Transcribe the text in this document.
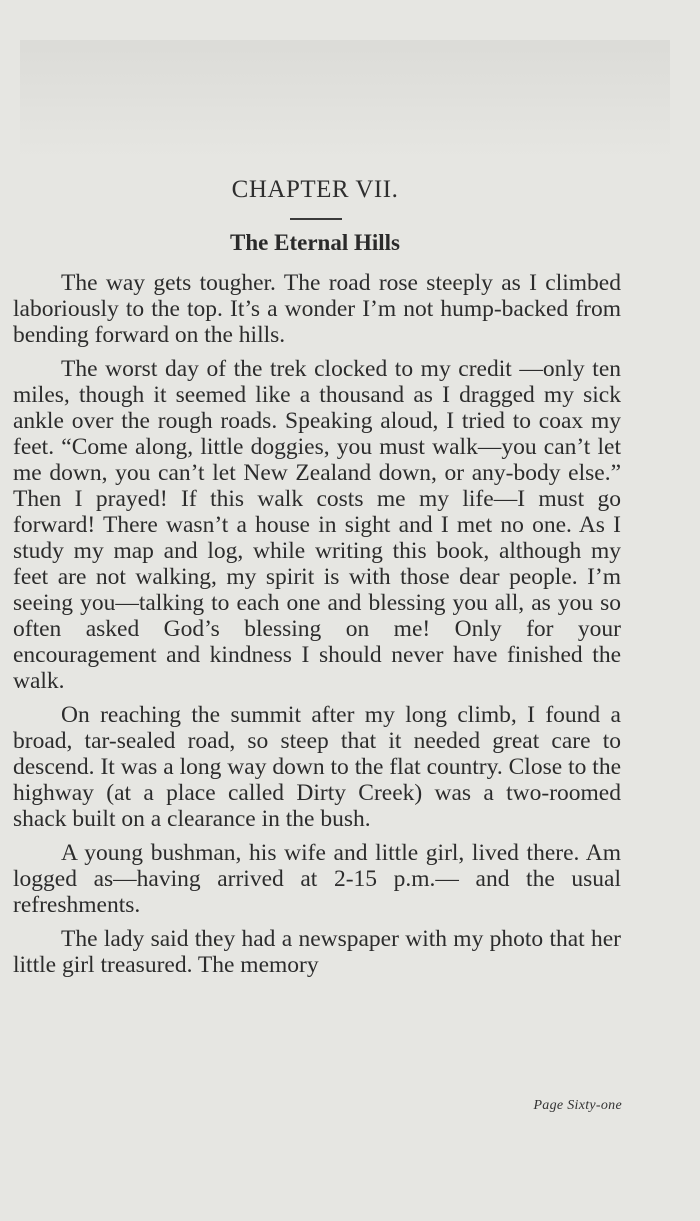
CHAPTER VII.
The Eternal Hills

The way gets tougher. The road rose steeply as I climbed laboriously to the top. It’s a wonder I’m not hump-backed from bending forward on the hills.

The worst day of the trek clocked to my credit —only ten miles, though it seemed like a thousand as I dragged my sick ankle over the rough roads. Speaking aloud, I tried to coax my feet. “Come along, little doggies, you must walk—you can’t let me down, you can’t let New Zealand down, or any-body else.” Then I prayed! If this walk costs me my life—I must go forward! There wasn’t a house in sight and I met no one. As I study my map and log, while writing this book, although my feet are not walking, my spirit is with those dear people. I’m seeing you—talking to each one and blessing you all, as you so often asked God’s blessing on me! Only for your encouragement and kindness I should never have finished the walk.

On reaching the summit after my long climb, I found a broad, tar-sealed road, so steep that it needed great care to descend. It was a long way down to the flat country. Close to the highway (at a place called Dirty Creek) was a two-roomed shack built on a clearance in the bush.

A young bushman, his wife and little girl, lived there. Am logged as—having arrived at 2-15 p.m.— and the usual refreshments.

The lady said they had a newspaper with my photo that her little girl treasured. The memory

Page Sixty-one
